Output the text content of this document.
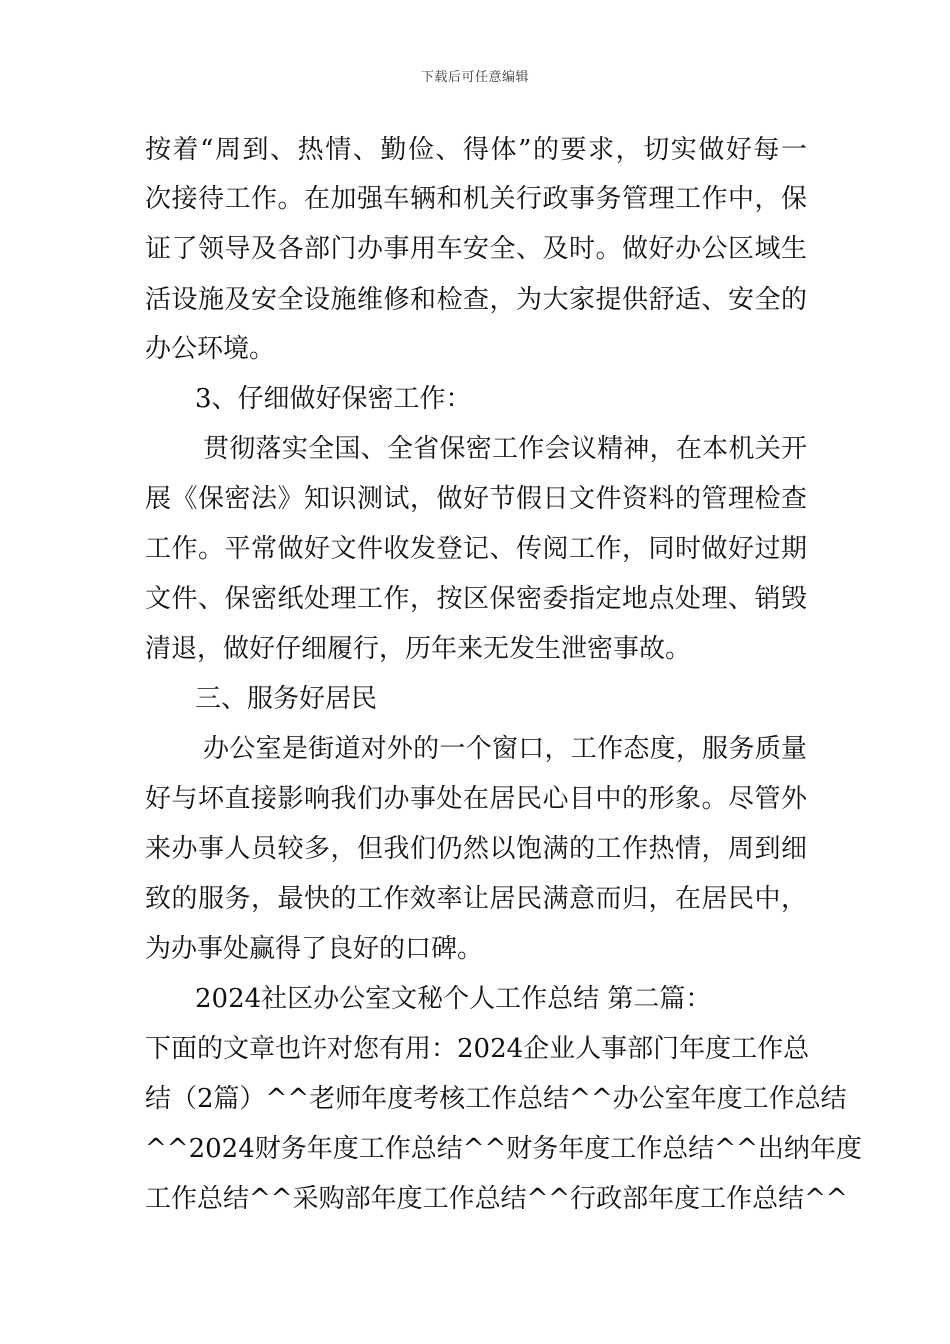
下载后可任意编辑
按着“周到、热情、勤俭、得体”的要求，切实做好每一
次接待工作。在加强车辆和机关行政事务管理工作中，保
证了领导及各部门办事用车安全、及时。做好办公区域生
活设施及安全设施维修和检查，为大家提供舒适、安全的
办公环境。
3、仔细做好保密工作：
贯彻落实全国、全省保密工作会议精神，在本机关开
展《保密法》知识测试，做好节假日文件资料的管理检查
工作。平常做好文件收发登记、传阅工作，同时做好过期
文件、保密纸处理工作，按区保密委指定地点处理、销毁
清退，做好仔细履行，历年来无发生泄密事故。
三、服务好居民
办公室是街道对外的一个窗口，工作态度，服务质量
好与坏直接影响我们办事处在居民心目中的形象。尽管外
来办事人员较多，但我们仍然以饱满的工作热情，周到细
致的服务，最快的工作效率让居民满意而归，在居民中，
为办事处赢得了良好的口碑。
2024社区办公室文秘个人工作总结 第二篇：
下面的文章也许对您有用：2024企业人事部门年度工作总
结（2篇）^^老师年度考核工作总结^^办公室年度工作总结
^^2024财务年度工作总结^^财务年度工作总结^^出纳年度
工作总结^^采购部年度工作总结^^行政部年度工作总结^^
